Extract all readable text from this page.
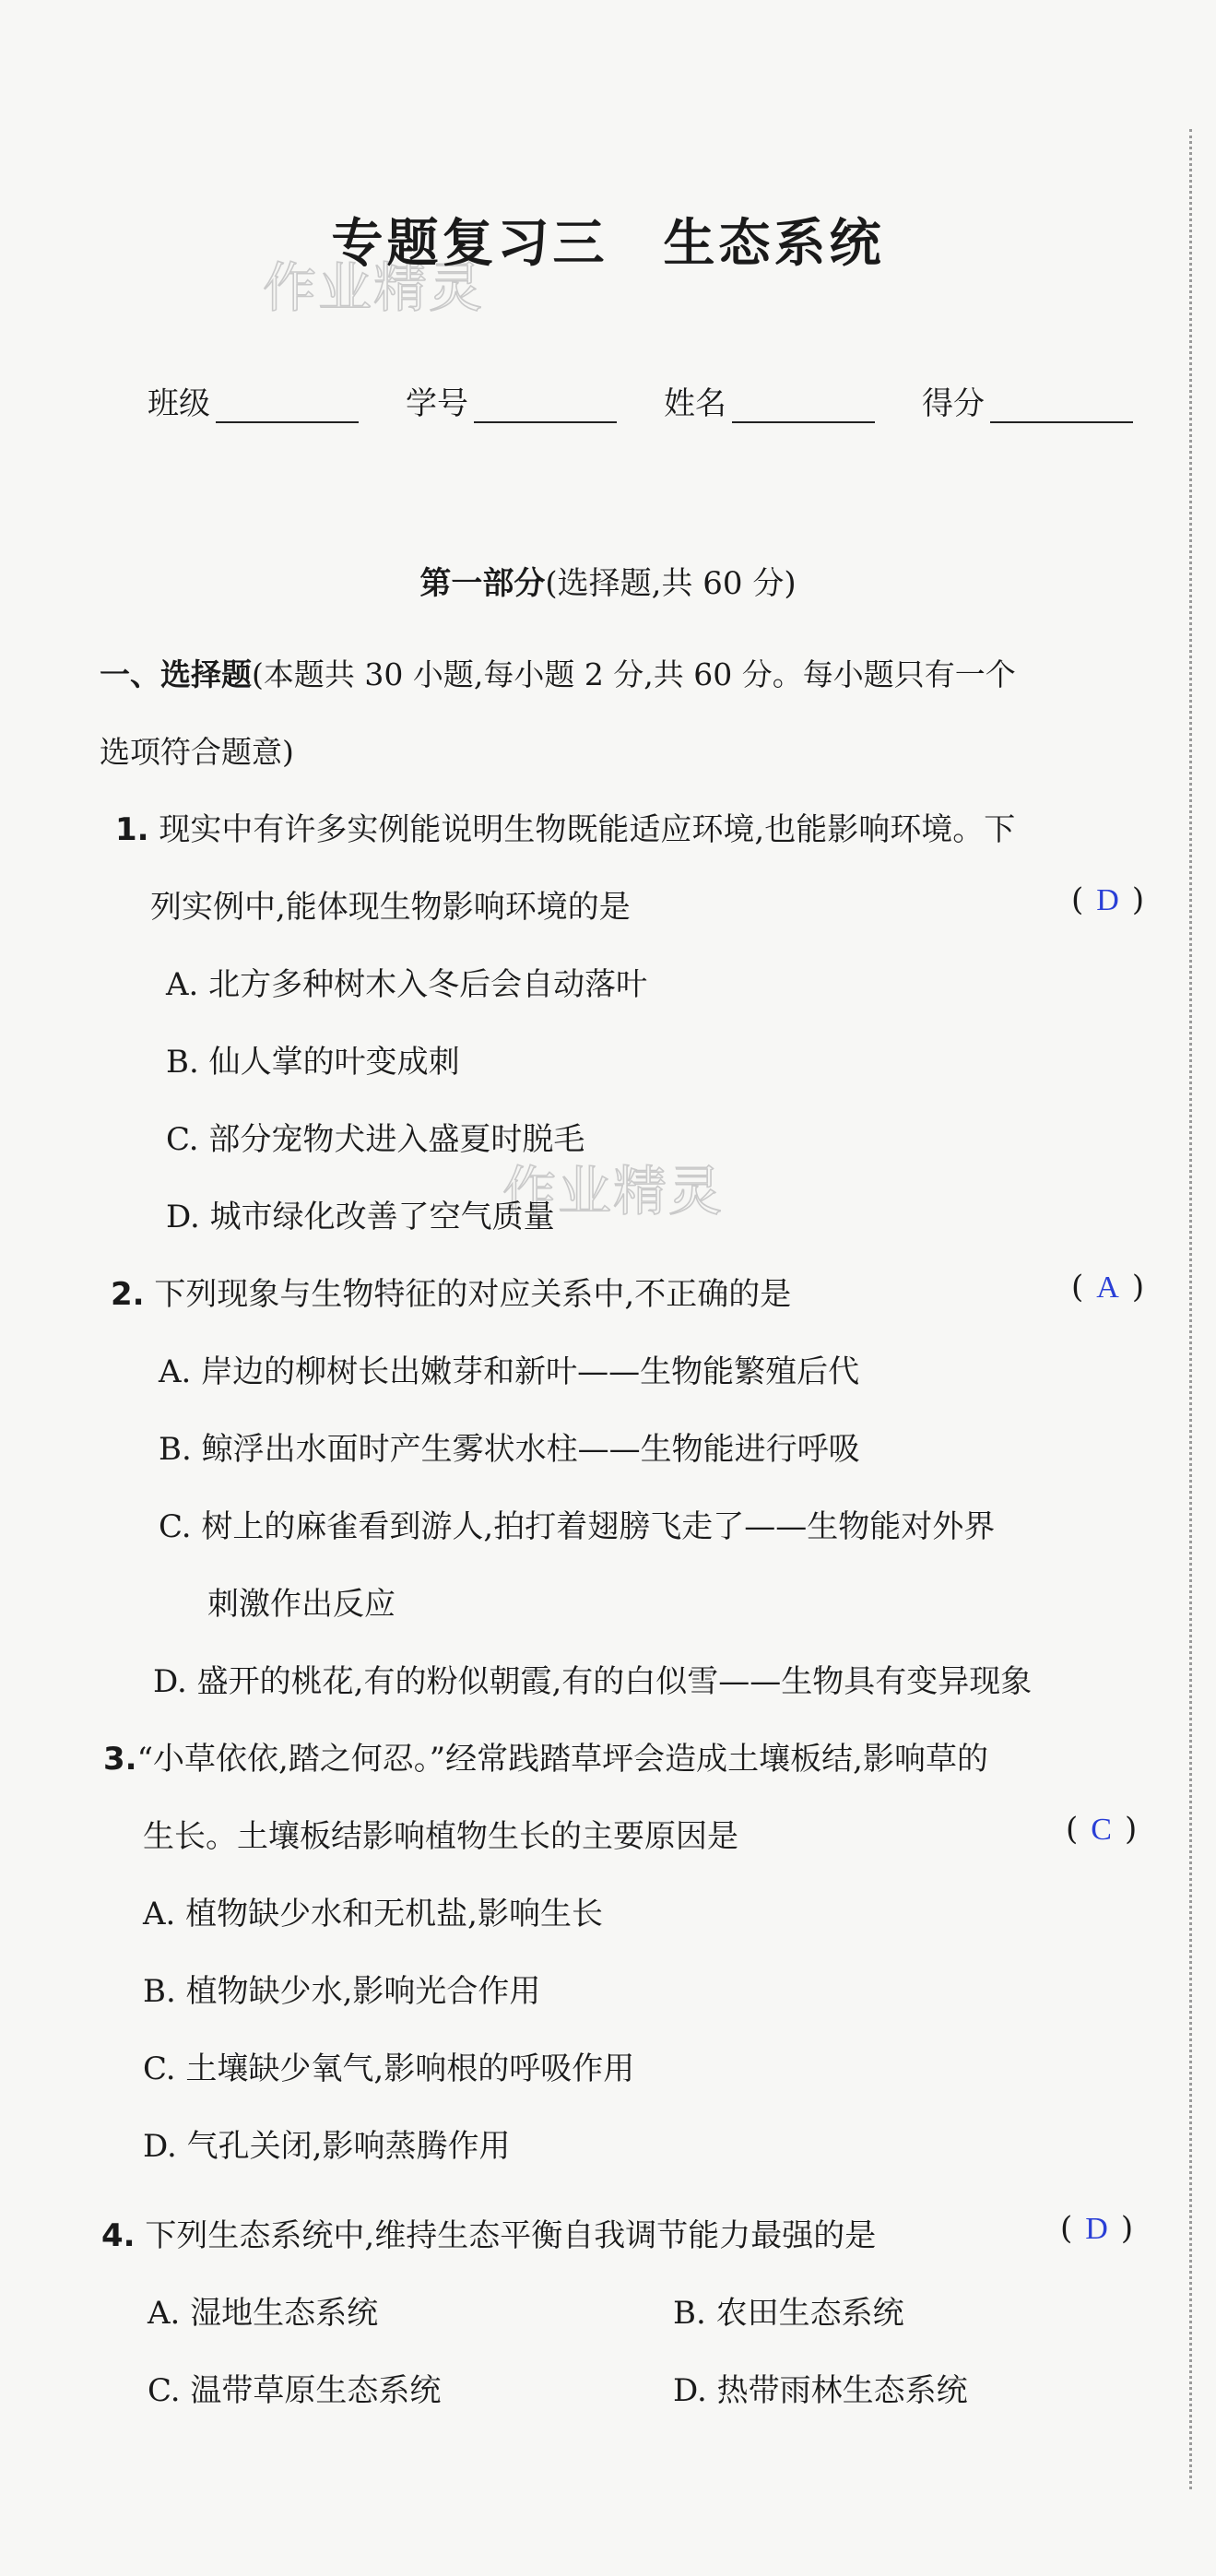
作业精灵
作业精灵
专题复习三　生态系统
班级	学号	姓名	得分
第一部分(选择题,共 60 分)
一、选择题(本题共 30 小题,每小题 2 分,共 60 分。每小题只有一个
选项符合题意)
1. 现实中有许多实例能说明生物既能适应环境,也能影响环境。下
列实例中,能体现生物影响环境的是	( D )
A. 北方多种树木入冬后会自动落叶
B. 仙人掌的叶变成刺
C. 部分宠物犬进入盛夏时脱毛
D. 城市绿化改善了空气质量
2. 下列现象与生物特征的对应关系中,不正确的是	( A )
A. 岸边的柳树长出嫩芽和新叶——生物能繁殖后代
B. 鲸浮出水面时产生雾状水柱——生物能进行呼吸
C. 树上的麻雀看到游人,拍打着翅膀飞走了——生物能对外界
刺激作出反应
D. 盛开的桃花,有的粉似朝霞,有的白似雪——生物具有变异现象
3.“小草依依,踏之何忍。”经常践踏草坪会造成土壤板结,影响草的
生长。土壤板结影响植物生长的主要原因是	( C )
A. 植物缺少水和无机盐,影响生长
B. 植物缺少水,影响光合作用
C. 土壤缺少氧气,影响根的呼吸作用
D. 气孔关闭,影响蒸腾作用
4. 下列生态系统中,维持生态平衡自我调节能力最强的是	( D )
A. 湿地生态系统	B. 农田生态系统
C. 温带草原生态系统	D. 热带雨林生态系统
